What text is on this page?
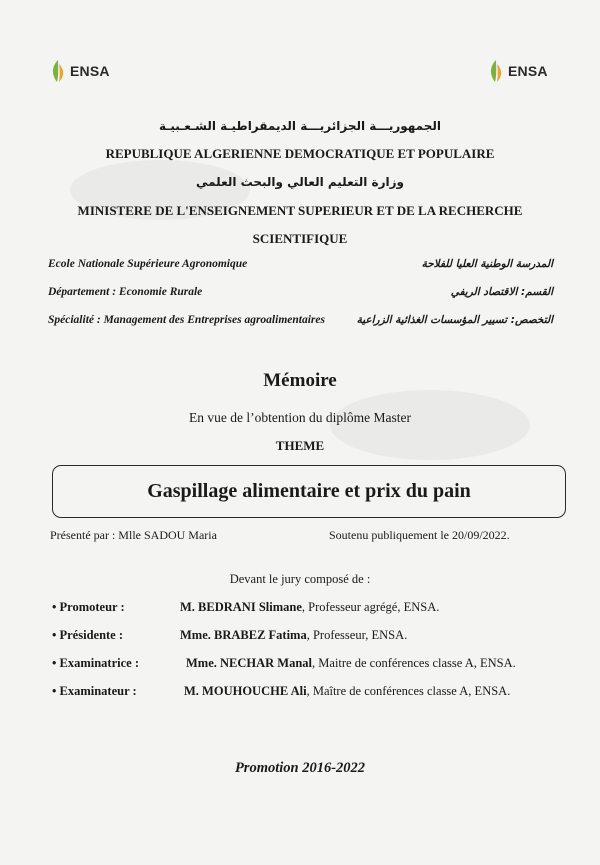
ENSA	ENSA
الجمهوريـــة الجزائريـــة الديمقراطيـة الشـعـبيـة
REPUBLIQUE ALGERIENNE DEMOCRATIQUE ET POPULAIRE
وزارة التعليم العالي والبحث العلمي
MINISTERE DE L'ENSEIGNEMENT SUPERIEUR ET DE LA RECHERCHE
SCIENTIFIQUE
Ecole Nationale Supérieure Agronomique	المدرسة الوطنية العليا للفلاحة
Département : Economie Rurale	القسم: الاقتصاد الريفي
Spécialité : Management des Entreprises agroalimentaires	التخصص: تسيير المؤسسات الغذائية الزراعية
Mémoire
En vue de l’obtention du diplôme Master
THEME
Gaspillage alimentaire et prix du pain
Présenté par : Mlle SADOU Maria	Soutenu publiquement le 20/09/2022.
Devant le jury composé de :
• Promoteur :	M. BEDRANI Slimane, Professeur agrégé, ENSA.
• Présidente :	Mme. BRABEZ Fatima, Professeur, ENSA.
• Examinatrice :	Mme. NECHAR Manal, Maitre de conférences classe A, ENSA.
• Examinateur :	M. MOUHOUCHE Ali, Maître de conférences classe A, ENSA.
Promotion 2016-2022
